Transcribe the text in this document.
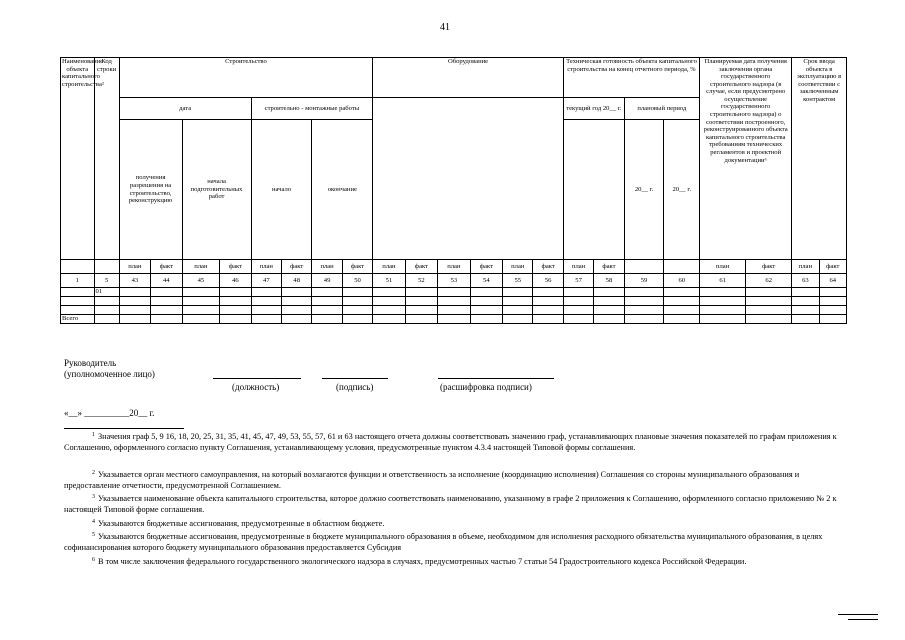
41
Наименование объекта капитального строительства²	Код строки	Строительство								Оборудование						Техническая готовность объекта капитального строительства на конец отчетного периода, %				Планируемая дата получения заключения органа государственного строительного надзора (в случае, если предусмотрено осуществление государственного строительного надзора) о соответствии построенного, реконструированного объекта капитального строительства требованиям технических регламентов и проектной документации⁶		Срок ввода объекта в эксплуатацию в соответствии с заключенным контрактом	
		дата				строительно - монтажные работы										текущий год 20__ г.		плановый период					
		получения разрешения на строительство, реконструкцию		начала подготовительных работ		начало		окончание										20__ г.	20__ г.				

		план	факт	план	факт	план	факт	план	факт	план	факт	план	факт	план	факт	план	факт			план	факт	план	факт
1	5	43	44	45	46	47	48	49	50	51	52	53	54	55	56	57	58	59	60	61	62	63	64
	01																						

Всего																							
Руководитель
(уполномоченное лицо)
(должность)	(подпись)	(расшифровка подписи)
«__» __________20__ г.
$^1$ Значения граф 5, 9 16, 18, 20, 25, 31, 35, 41, 45, 47, 49, 53, 55, 57, 61 и 63 настоящего отчета должны соответствовать значению граф, устанавливающих плановые значения показателей по графам приложения к Соглашению, оформленного согласно пункту Соглашения, устанавливающему условия, предусмотренные пунктом 4.3.4 настоящей Типовой формы соглашения.
$^2$ Указывается орган местного самоуправления, на который возлагаются функции и ответственность за исполнение (координацию исполнения) Соглашения со стороны муниципального образования и предоставление отчетности, предусмотренной Соглашением.
$^3$ Указывается наименование объекта капитального строительства, которое должно соответствовать наименованию, указанному в графе 2 приложения к Соглашению, оформленного согласно приложению № 2 к настоящей Типовой форме соглашения.
$^4$ Указываются бюджетные ассигнования, предусмотренные в областном бюджете.
$^5$ Указываются бюджетные ассигнования, предусмотренные в бюджете муниципального образования в объеме, необходимом для исполнения расходного обязательства муниципального образования, в целях софинансирования которого бюджету муниципального образования предоставляется Субсидия
$^6$ В том числе заключения федерального государственного экологического надзора в случаях, предусмотренных частью 7 статьи 54 Градостроительного кодекса Российской Федерации.
